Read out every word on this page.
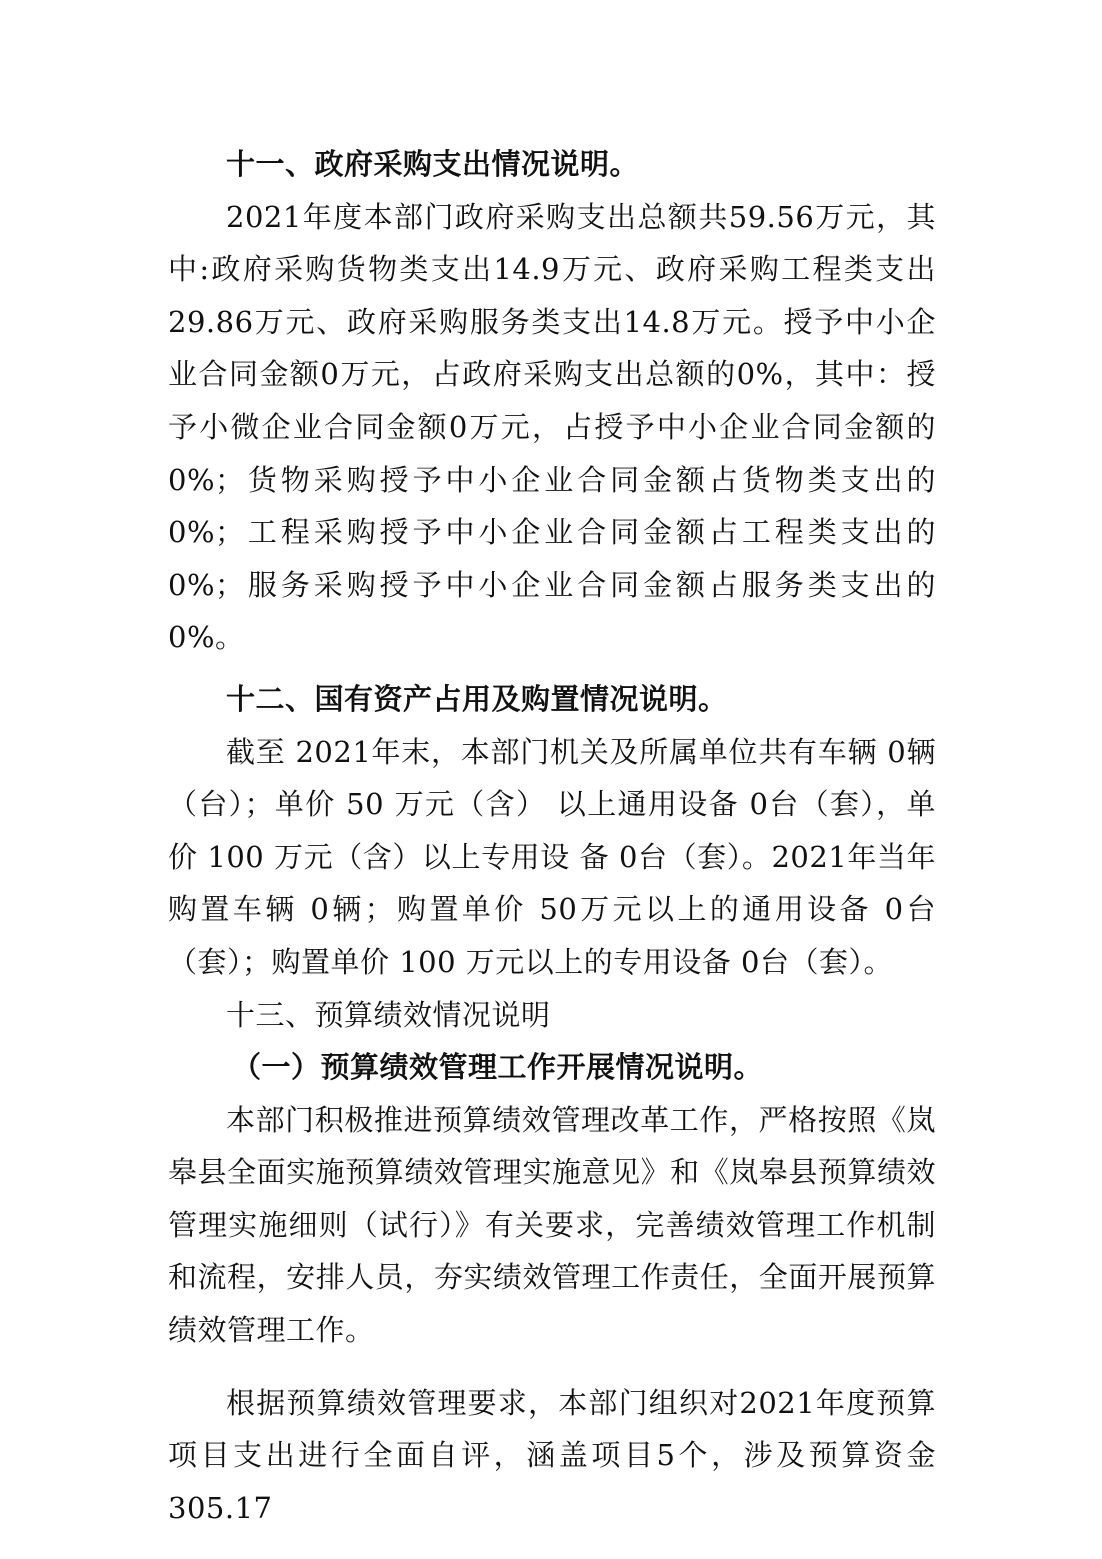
十一、政府采购支出情况说明。

2021年度本部门政府采购支出总额共59.56万元，其中:政府采购货物类支出14.9万元、政府采购工程类支出29.86万元、政府采购服务类支出14.8万元。授予中小企业合同金额0万元，占政府采购支出总额的0%，其中：授予小微企业合同金额0万元，占授予中小企业合同金额的0%；货物采购授予中小企业合同金额占货物类支出的0%；工程采购授予中小企业合同金额占工程类支出的0%；服务采购授予中小企业合同金额占服务类支出的0%。

十二、国有资产占用及购置情况说明。

截至 2021年末，本部门机关及所属单位共有车辆 0辆（台）；单价 50 万元（含） 以上通用设备 0台（套），单价 100 万元（含）以上专用设 备 0台（套）。2021年当年购置车辆 0辆；购置单价 50万元以上的通用设备 0台（套）；购置单价 100 万元以上的专用设备 0台（套）。

十三、预算绩效情况说明

（一）预算绩效管理工作开展情况说明。

本部门积极推进预算绩效管理改革工作，严格按照《岚皋县全面实施预算绩效管理实施意见》和《岚皋县预算绩效管理实施细则（试行）》有关要求，完善绩效管理工作机制和流程，安排人员，夯实绩效管理工作责任，全面开展预算绩效管理工作。

根据预算绩效管理要求，本部门组织对2021年度预算项目支出进行全面自评，涵盖项目5个，涉及预算资金305.17
